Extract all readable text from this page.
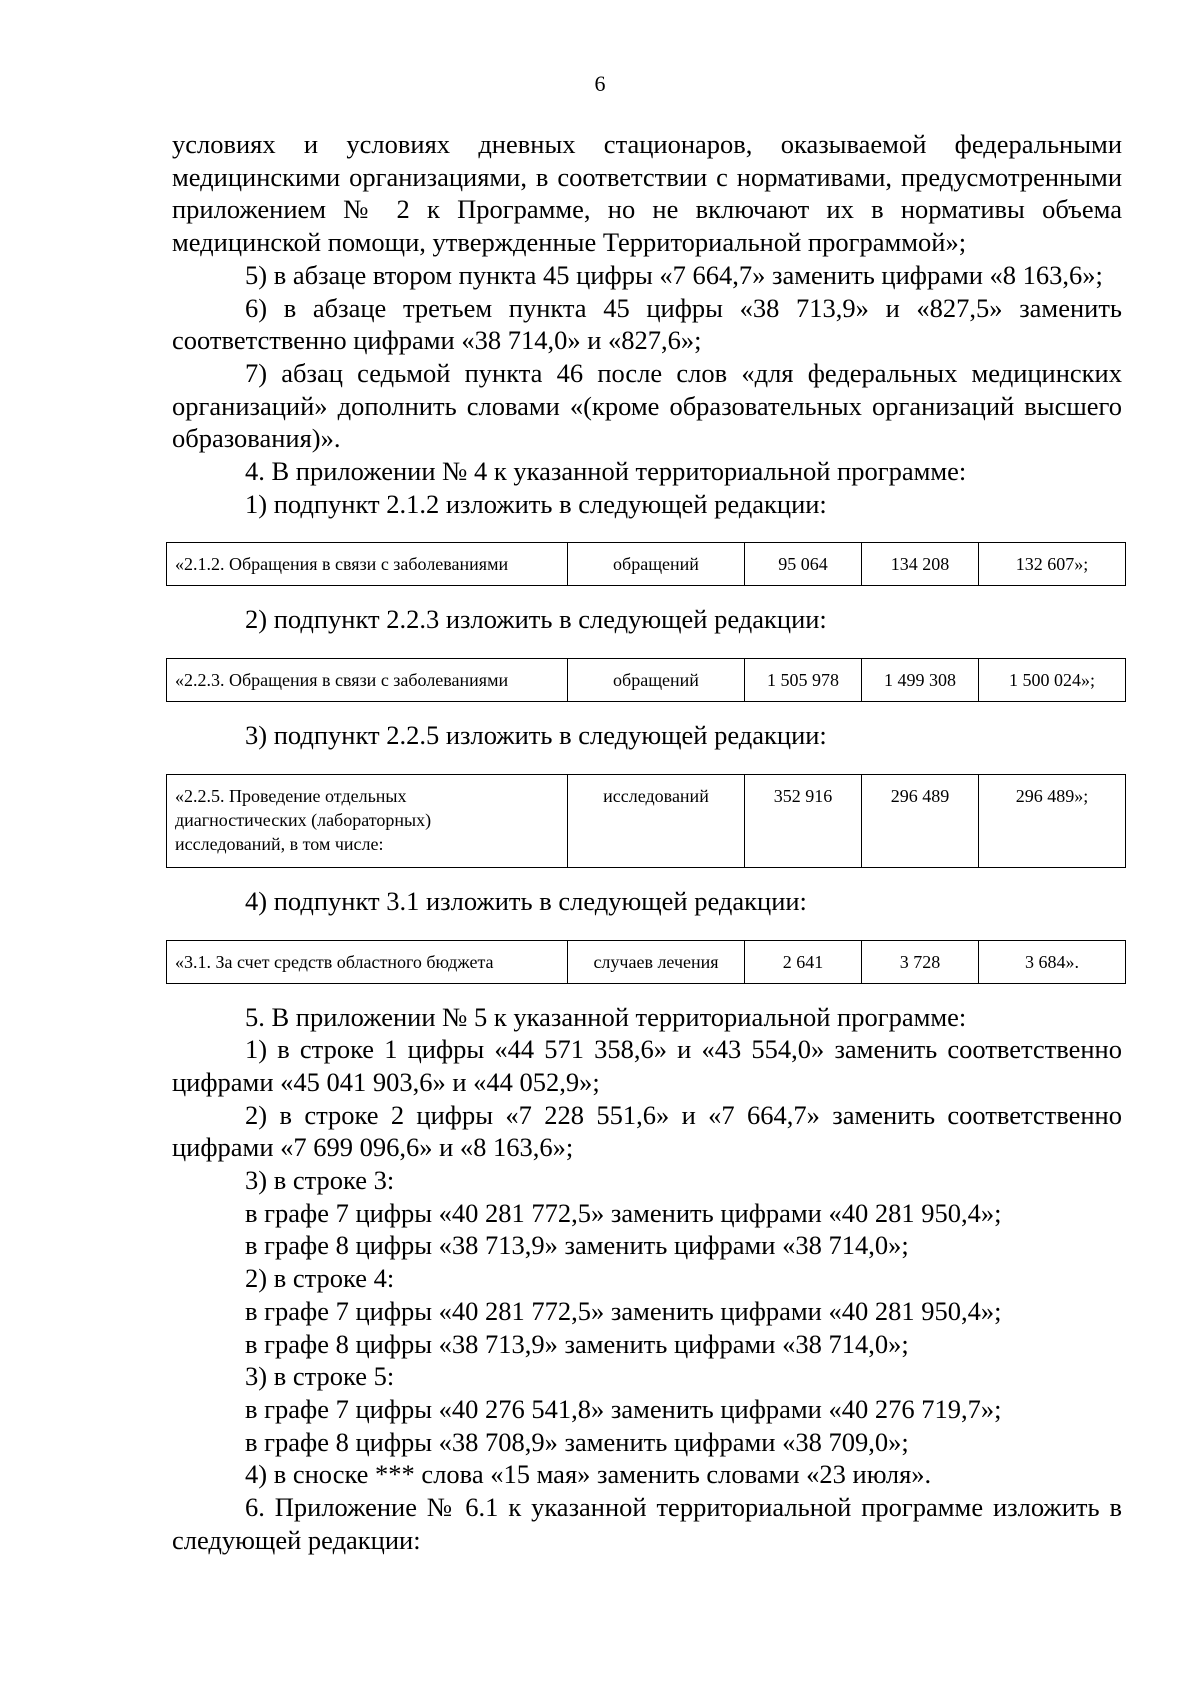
6

условиях и условиях дневных стационаров, оказываемой федеральными медицинскими организациями, в соответствии с нормативами, предусмотренными приложением № 2 к Программе, но не включают их в нормативы объема медицинской помощи, утвержденные Территориальной программой»;

5) в абзаце втором пункта 45 цифры «7 664,7» заменить цифрами «8 163,6»;

6) в абзаце третьем пункта 45 цифры «38 713,9» и «827,5» заменить соответственно цифрами «38 714,0» и «827,6»;

7) абзац седьмой пункта 46 после слов «для федеральных медицинских организаций» дополнить словами «(кроме образовательных организаций высшего образования)».

4. В приложении № 4 к указанной территориальной программе:

1) подпункт 2.1.2 изложить в следующей редакции:

«2.1.2. Обращения в связи с заболеваниями	обращений	95 064	134 208	132 607»;

2) подпункт 2.2.3 изложить в следующей редакции:

«2.2.3. Обращения в связи с заболеваниями	обращений	1 505 978	1 499 308	1 500 024»;

3) подпункт 2.2.5 изложить в следующей редакции:

«2.2.5. Проведение отдельных
диагностических (лабораторных)
исследований, в том числе:
	исследований	352 916	296 489	296 489»;

4) подпункт 3.1 изложить в следующей редакции:

«3.1. За счет средств областного бюджета	случаев лечения	2 641	3 728	3 684».

5. В приложении № 5 к указанной территориальной программе:

1) в строке 1 цифры «44 571 358,6» и «43 554,0» заменить соответственно цифрами «45 041 903,6» и «44 052,9»;

2) в строке 2 цифры «7 228 551,6» и «7 664,7» заменить соответственно цифрами «7 699 096,6» и «8 163,6»;

3) в строке 3:

в графе 7 цифры «40 281 772,5» заменить цифрами «40 281 950,4»;

в графе 8 цифры «38 713,9» заменить цифрами «38 714,0»;

2) в строке 4:

в графе 7 цифры «40 281 772,5» заменить цифрами «40 281 950,4»;

в графе 8 цифры «38 713,9» заменить цифрами «38 714,0»;

3) в строке 5:

в графе 7 цифры «40 276 541,8» заменить цифрами «40 276 719,7»;

в графе 8 цифры «38 708,9» заменить цифрами «38 709,0»;

4) в сноске *** слова «15 мая» заменить словами «23 июля».

6. Приложение № 6.1 к указанной территориальной программе изложить в следующей редакции:
